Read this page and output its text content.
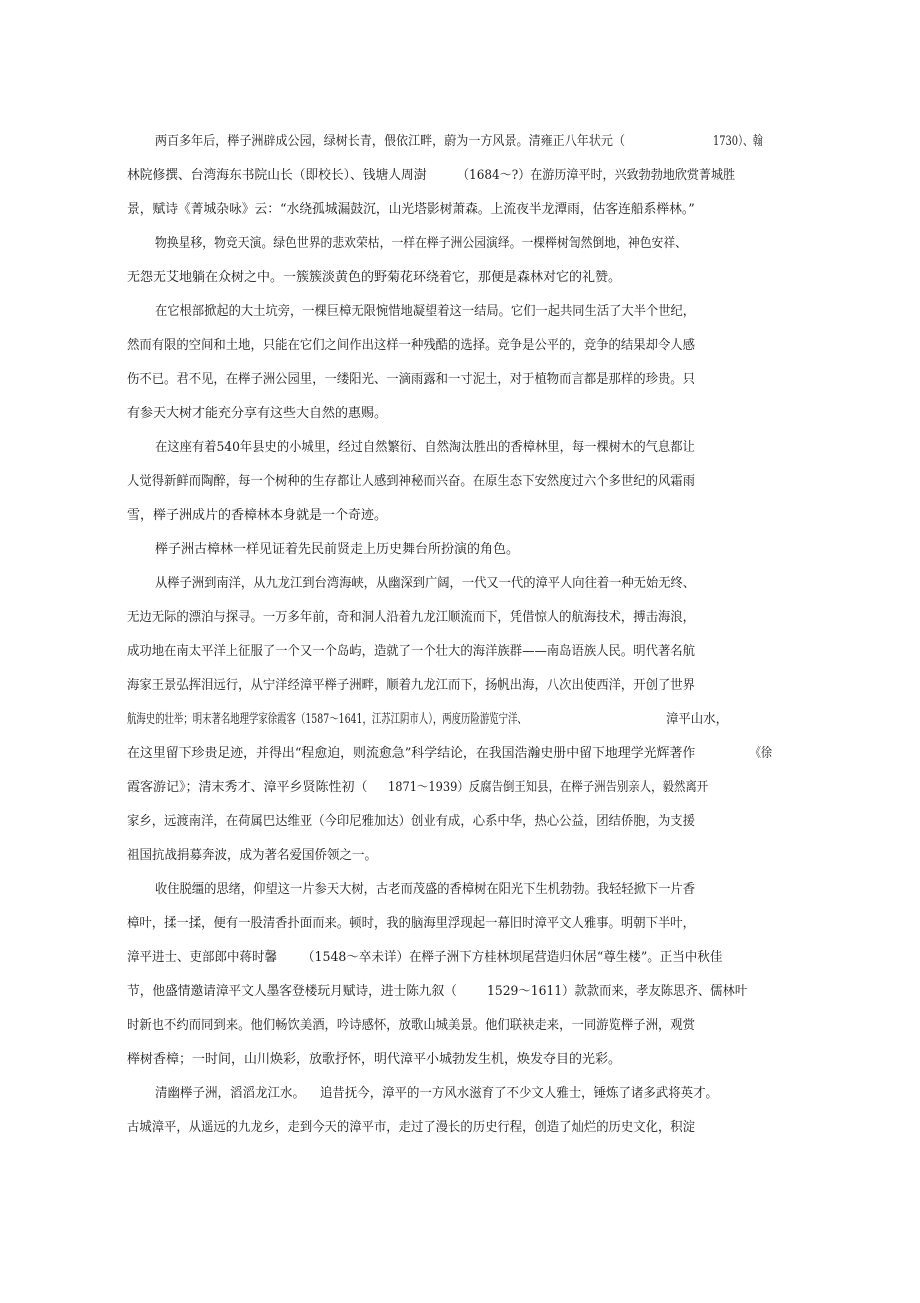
两百多年后，榉子洲辟成公园，绿树长青，偎依江畔，蔚为一方风景。清雍正八年状元（	1730）、翰
林院修撰、台湾海东书院山长（即校长）、钱塘人周澍 （1684～?）在游历漳平时，兴致勃勃地欣赏菁城胜
景，赋诗《菁城杂咏》云：“水绕孤城漏鼓沉，山光塔影树萧森。上流夜半龙潭雨，估客连船系榉林。”
物换星移，物竞天演。绿色世界的悲欢荣枯，一样在榉子洲公园演绎。一棵榉树訇然倒地，神色安祥、
无怨无艾地躺在众树之中。一簇簇淡黄色的野菊花环绕着它，那便是森林对它的礼赞。
在它根部掀起的大土坑旁，一棵巨樟无限惋惜地凝望着这一结局。它们一起共同生活了大半个世纪，
然而有限的空间和土地，只能在它们之间作出这样一种残酷的选择。竞争是公平的，竞争的结果却令人感
伤不已。君不见，在榉子洲公园里，一缕阳光、一滴雨露和一寸泥土，对于植物而言都是那样的珍贵。只
有参天大树才能充分享有这些大自然的惠赐。
在这座有着540年县史的小城里，经过自然繁衍、自然淘汰胜出的香樟林里，每一棵树木的气息都让
人觉得新鲜而陶醉，每一个树种的生存都让人感到神秘而兴奋。在原生态下安然度过六个多世纪的风霜雨
雪，榉子洲成片的香樟林本身就是一个奇迹。
榉子洲古樟林一样见证着先民前贤走上历史舞台所扮演的角色。
从榉子洲到南洋，从九龙江到台湾海峡，从幽深到广阔，一代又一代的漳平人向往着一种无始无终、
无边无际的漂泊与探寻。一万多年前，奇和洞人沿着九龙江顺流而下，凭借惊人的航海技术，搏击海浪，
成功地在南太平洋上征服了一个又一个岛屿，造就了一个壮大的海洋族群——南岛语族人民。明代著名航
海家王景弘挥泪远行，从宁洋经漳平榉子洲畔，顺着九龙江而下，扬帆出海，八次出使西洋，开创了世界
航海史的壮举；明末著名地理学家徐霞客（1587～1641，江苏江阴市人），两度历险游览宁洋、	漳平山水，
在这里留下珍贵足迹，并得出“程愈迫，则流愈急”科学结论，在我国浩瀚史册中留下地理学光辉著作	《徐
霞客游记》；清末秀才、漳平乡贤陈性初（ 1871～1939）反腐告倒王知县，在榉子洲告别亲人，毅然离开
家乡，远渡南洋，在荷属巴达维亚（今印尼雅加达）创业有成，心系中华，热心公益，团结侨胞，为支援
祖国抗战捐募奔波，成为著名爱国侨领之一。
收住脱缰的思绪，仰望这一片参天大树，古老而茂盛的香樟树在阳光下生机勃勃。我轻轻掀下一片香
樟叶，揉一揉，便有一股清香扑面而来。顿时，我的脑海里浮现起一幕旧时漳平文人雅事。明朝下半叶，
漳平进士、吏部郎中蒋时馨 （1548～卒未详）在榉子洲下方桂林坝尾营造归休居“尊生楼”。正当中秋佳
节，他盛情邀请漳平文人墨客登楼玩月赋诗，进士陈九叙（ 1529～1611）款款而来，孝友陈思齐、儒林叶
时新也不约而同到来。他们畅饮美酒，吟诗感怀，放歌山城美景。他们联袂走来，一同游览榉子洲，观赏
榉树香樟；一时间，山川焕彩，放歌抒怀，明代漳平小城勃发生机，焕发夺目的光彩。
清幽榉子洲，滔滔龙江水。 追昔抚今，漳平的一方风水滋育了不少文人雅士，锤炼了诸多武将英才。
古城漳平，从遥远的九龙乡，走到今天的漳平市，走过了漫长的历史行程，创造了灿烂的历史文化，积淀
